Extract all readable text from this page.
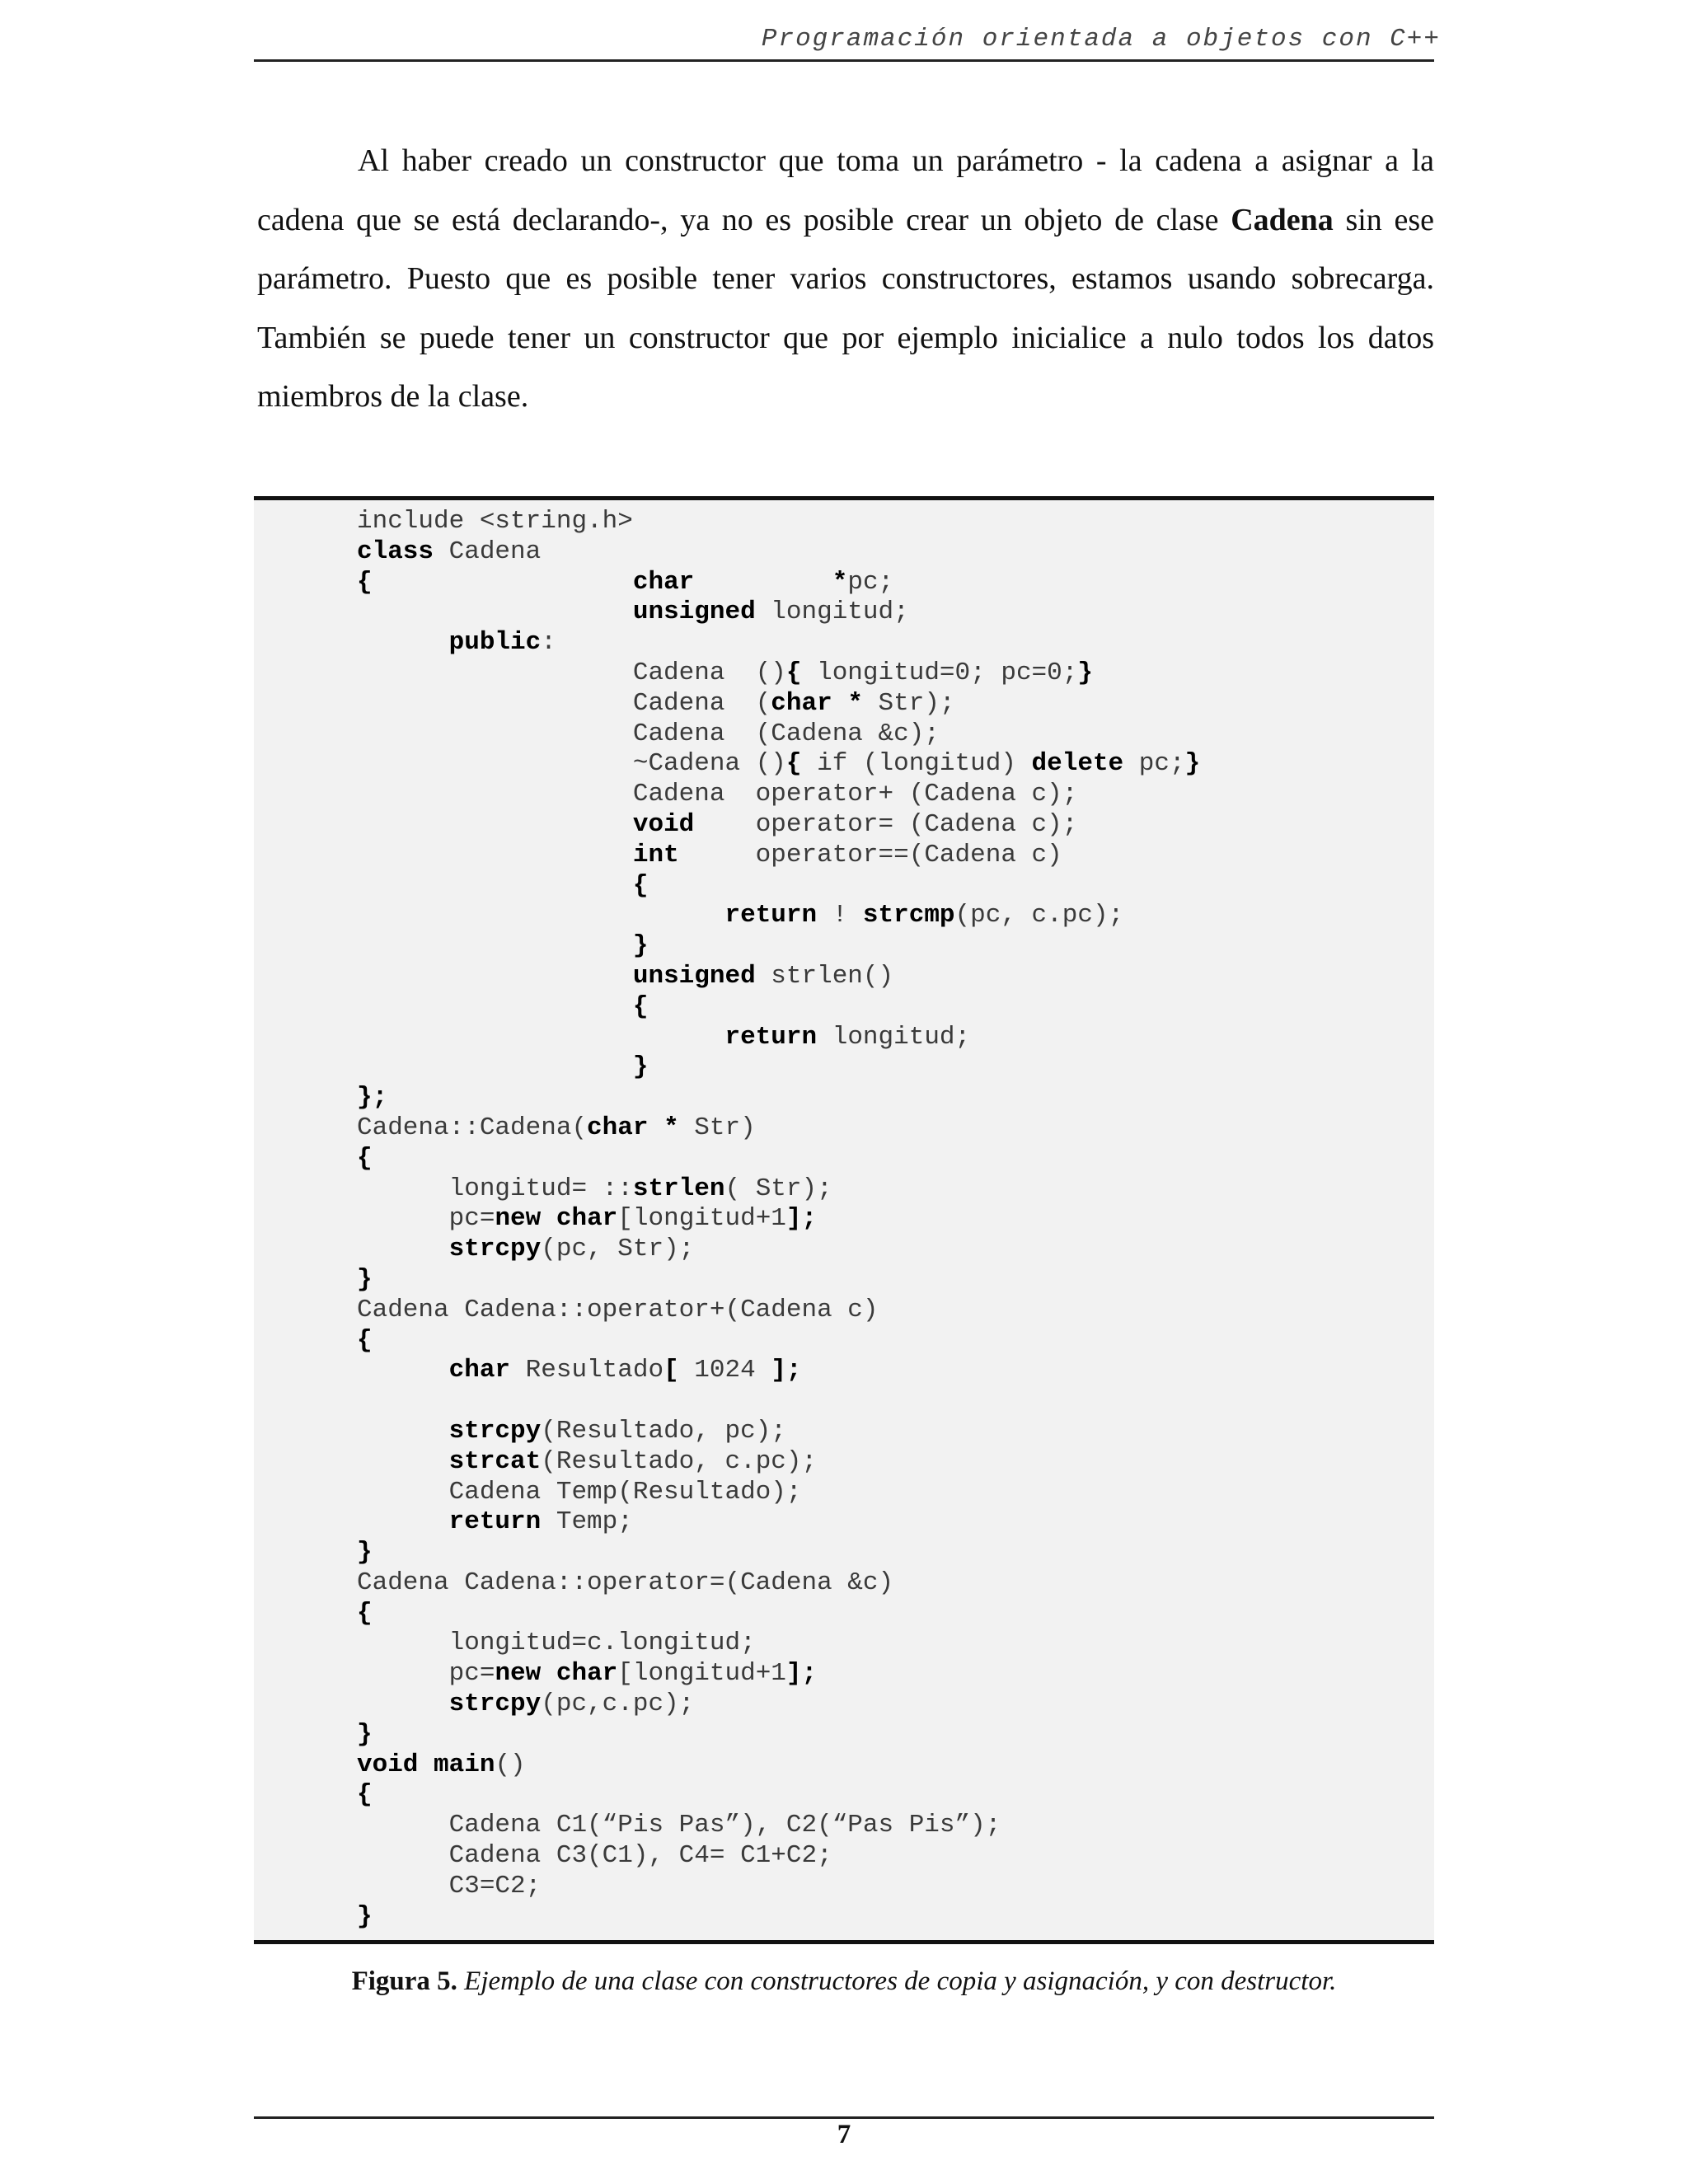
Programación orientada a objetos con C++

Al haber creado un constructor que toma un parámetro - la cadena a asignar a la cadena que se está declarando-, ya no es posible crear un objeto de clase Cadena sin ese parámetro. Puesto que es posible tener varios constructores, estamos usando sobrecarga. También se puede tener un constructor que por ejemplo inicialice a nulo todos los datos miembros de la clase.

include <string.h>
class Cadena
{	char	*pc;
unsigned longitud;
public:
Cadena  (){ longitud=0; pc=0;}
Cadena  (char * Str);
Cadena  (Cadena &c);
~Cadena (){ if (longitud) delete pc;}
Cadena  operator+ (Cadena c);
void    operator= (Cadena c);
int     operator==(Cadena c)
{
return ! strcmp(pc, c.pc);
}
unsigned strlen()
{
return longitud;
}
};
Cadena::Cadena(char * Str)
{
longitud= ::strlen( Str);
pc=new char[longitud+1];
strcpy(pc, Str);
}
Cadena Cadena::operator+(Cadena c)
{
char Resultado[ 1024 ];

strcpy(Resultado, pc);
strcat(Resultado, c.pc);
Cadena Temp(Resultado);
return Temp;
}
Cadena Cadena::operator=(Cadena &c)
{
longitud=c.longitud;
pc=new char[longitud+1];
strcpy(pc,c.pc);
}
void main()
{
Cadena C1(“Pis Pas”), C2(“Pas Pis”);
Cadena C3(C1), C4= C1+C2;
C3=C2;
}

Figura 5. Ejemplo de una clase con constructores de copia y asignación, y con destructor.
7
